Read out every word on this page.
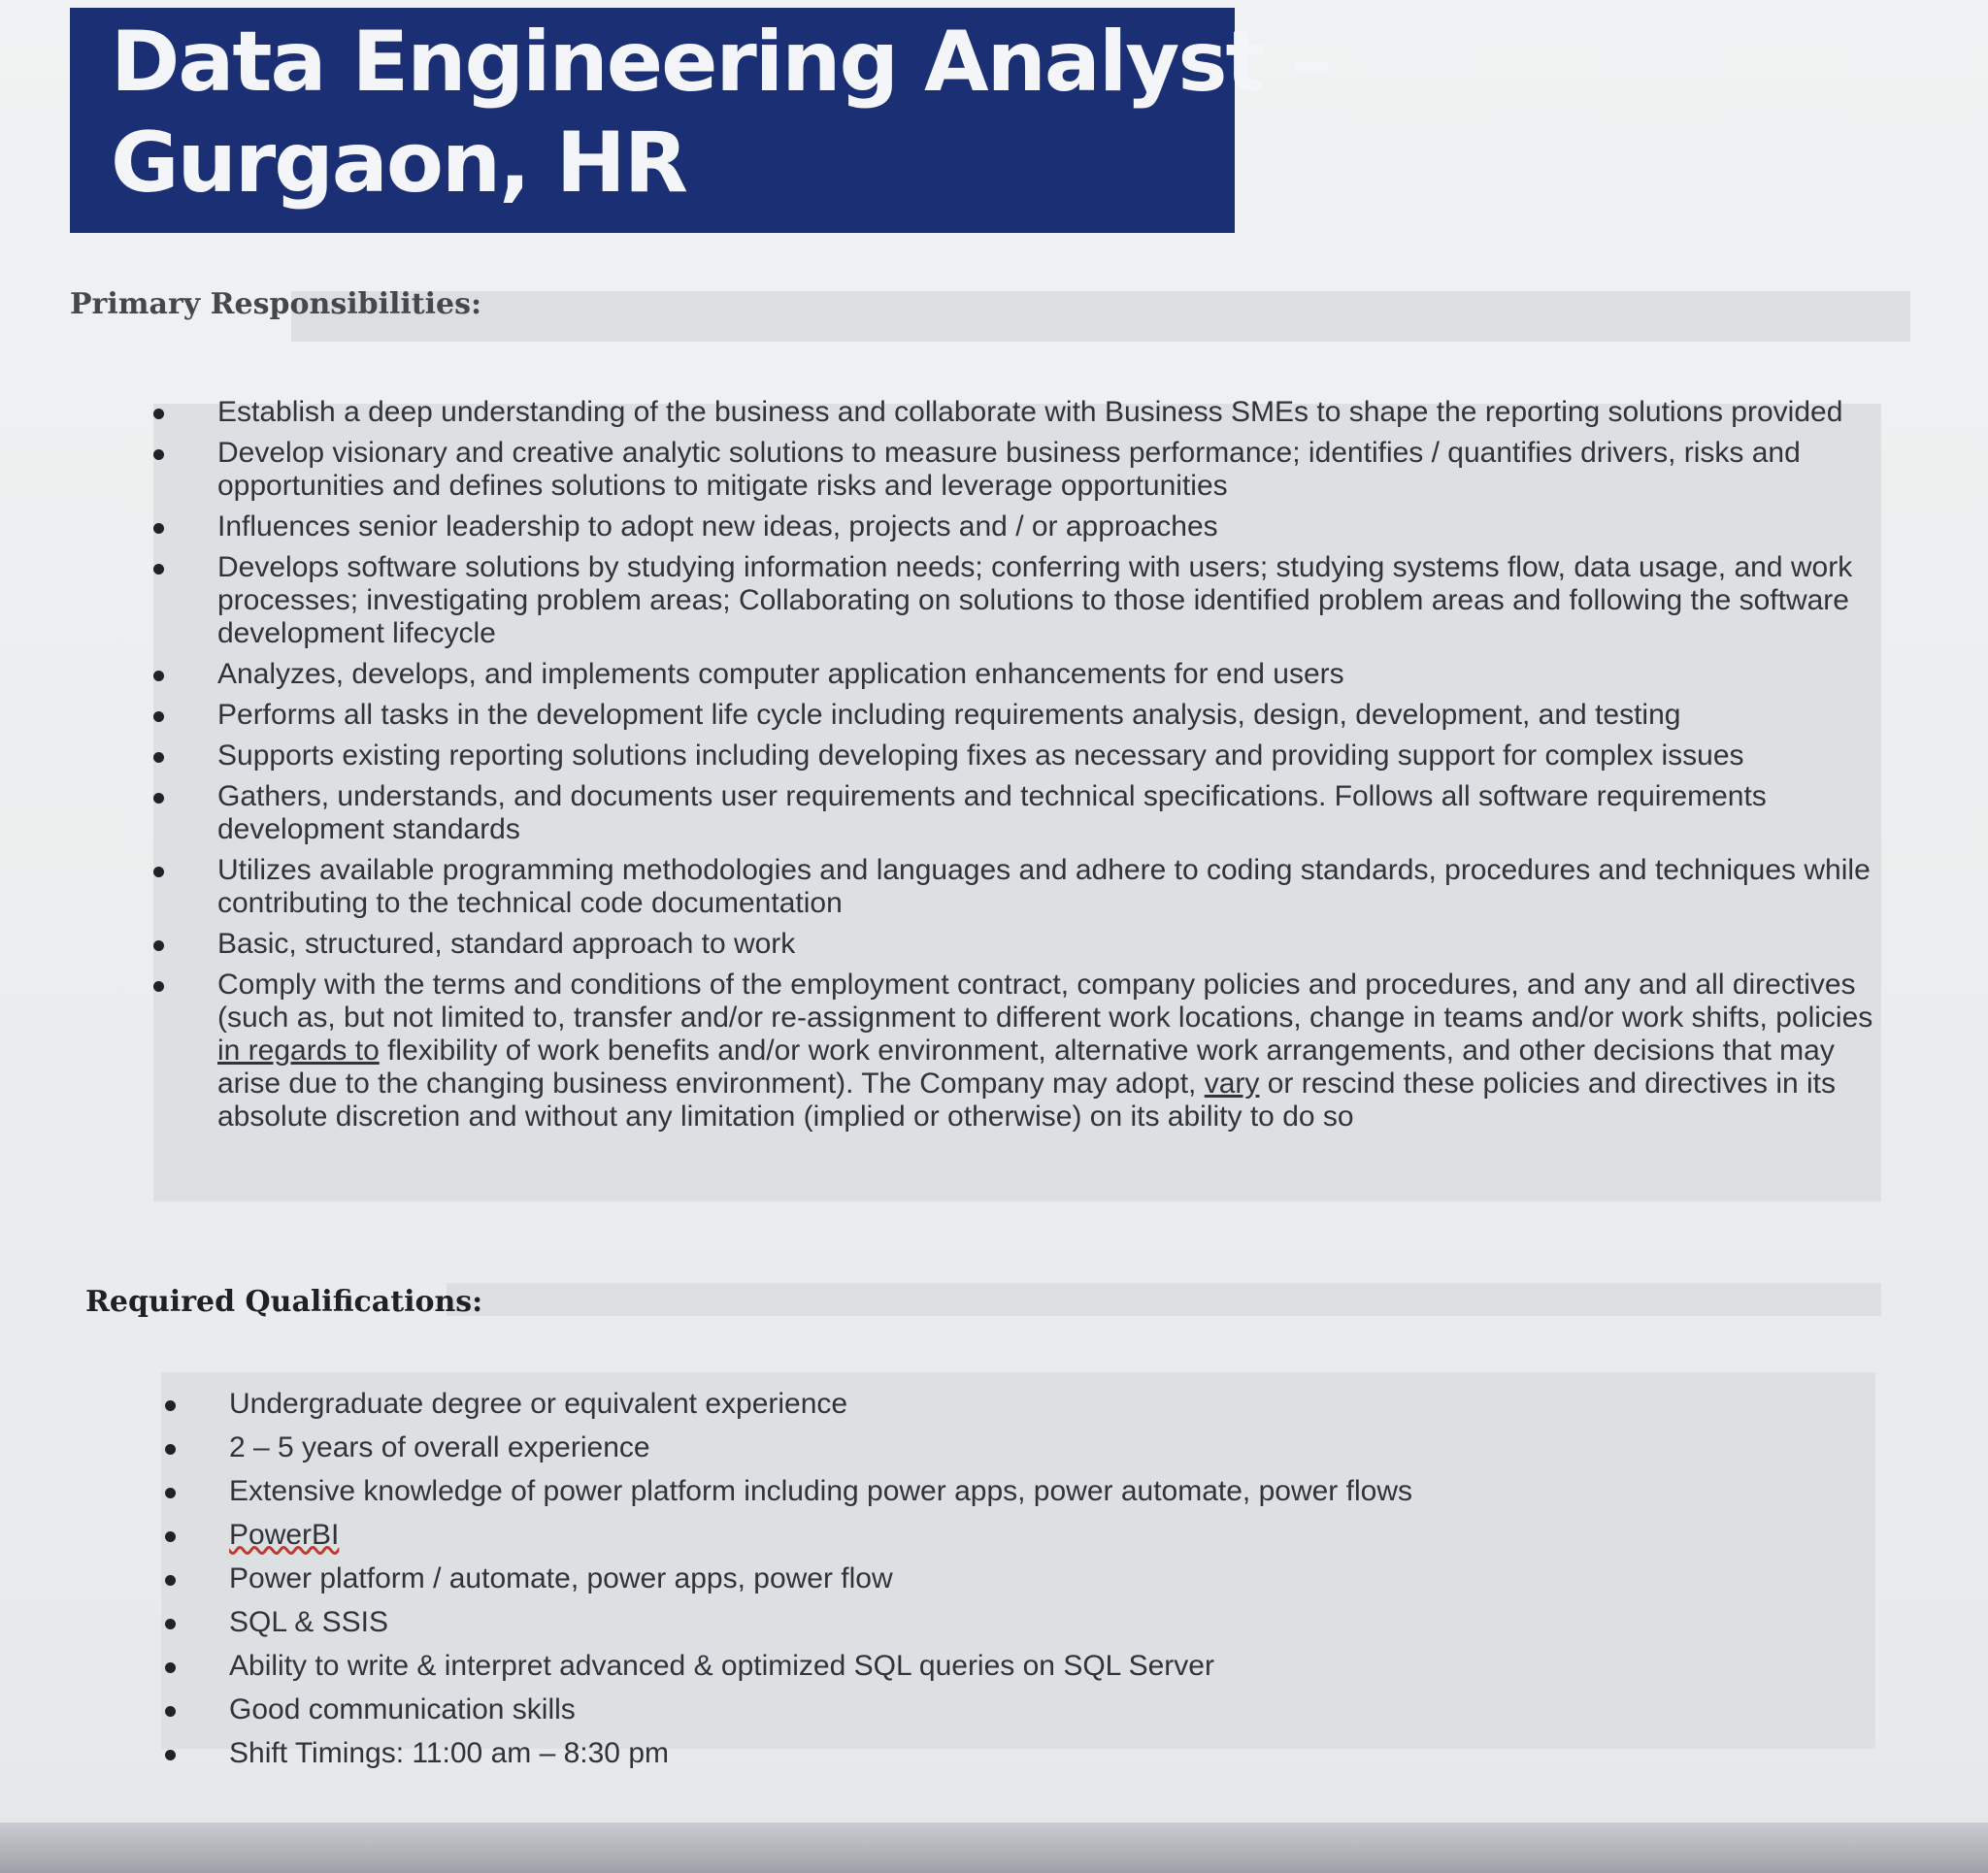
Data Engineering Analyst –
Gurgaon, HR
Primary Responsibilities:
Establish a deep understanding of the business and collaborate with Business SMEs to shape the reporting solutions provided
Develop visionary and creative analytic solutions to measure business performance; identifies / quantifies drivers, risks and opportunities and defines solutions to mitigate risks and leverage opportunities
Influences senior leadership to adopt new ideas, projects and / or approaches
Develops software solutions by studying information needs; conferring with users; studying systems flow, data usage, and work processes; investigating problem areas; Collaborating on solutions to those identified problem areas and following the software development lifecycle
Analyzes, develops, and implements computer application enhancements for end users
Performs all tasks in the development life cycle including requirements analysis, design, development, and testing
Supports existing reporting solutions including developing fixes as necessary and providing support for complex issues
Gathers, understands, and documents user requirements and technical specifications. Follows all software requirements development standards
Utilizes available programming methodologies and languages and adhere to coding standards, procedures and techniques while contributing to the technical code documentation
Basic, structured, standard approach to work
Comply with the terms and conditions of the employment contract, company policies and procedures, and any and all directives (such as, but not limited to, transfer and/or re-assignment to different work locations, change in teams and/or work shifts, policies in regards to flexibility of work benefits and/or work environment, alternative work arrangements, and other decisions that may arise due to the changing business environment). The Company may adopt, vary or rescind these policies and directives in its absolute discretion and without any limitation (implied or otherwise) on its ability to do so
Required Qualifications:
Undergraduate degree or equivalent experience
2 – 5 years of overall experience
Extensive knowledge of power platform including power apps, power automate, power flows
PowerBI
Power platform / automate, power apps, power flow
SQL & SSIS
Ability to write & interpret advanced & optimized SQL queries on SQL Server
Good communication skills
Shift Timings: 11:00 am – 8:30 pm
